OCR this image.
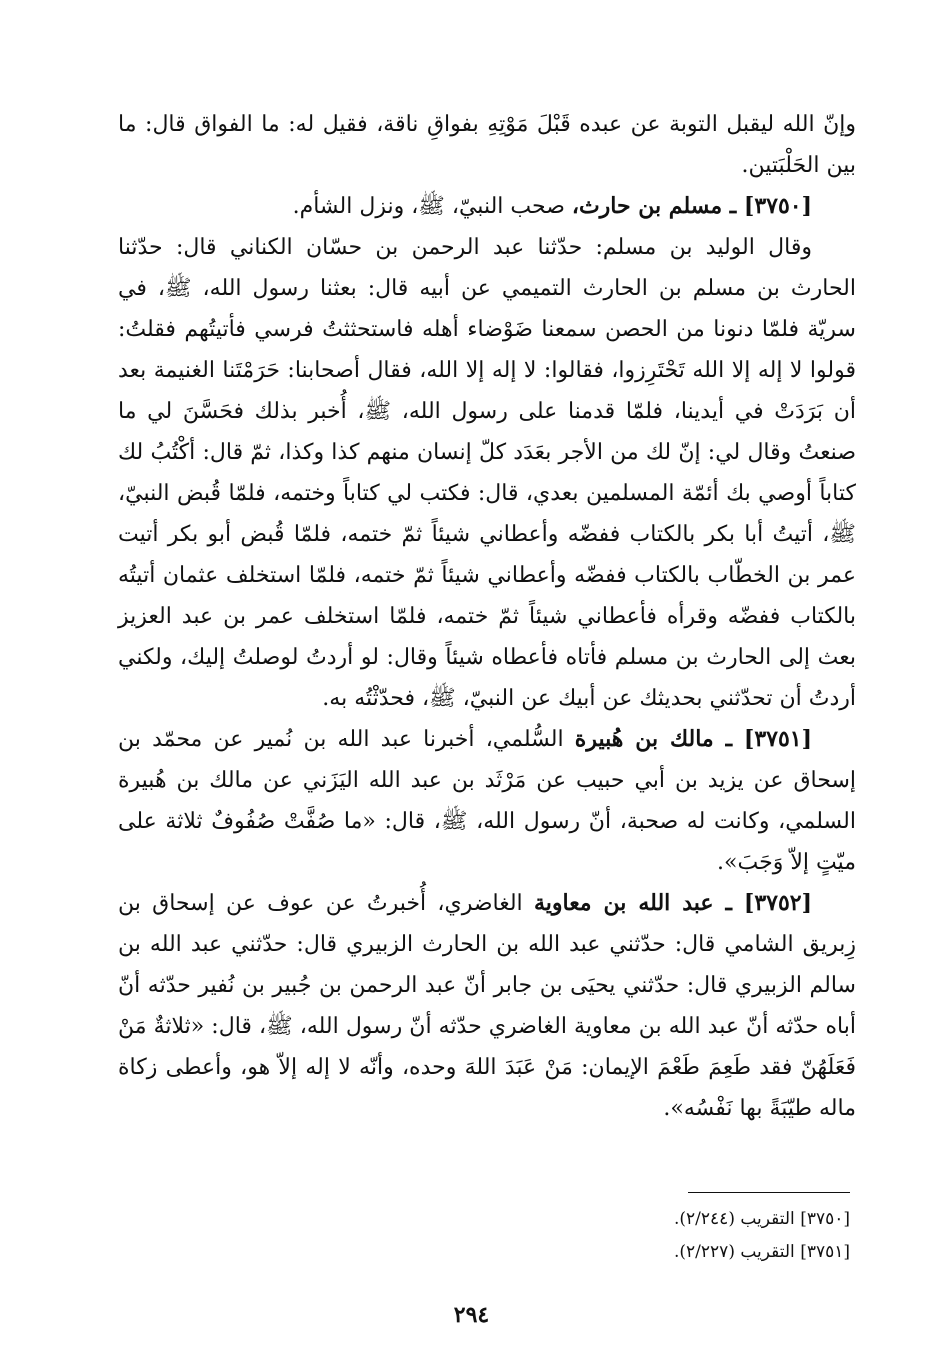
وإنّ الله ليقبل التوبة عن عبده قَبْلَ مَوْتِهِ بفواقِ ناقة، فقيل له: ما الفواق قال: ما بين الحَلْبَتين.

[٣٧٥٠] ـ مسلم بن حارث، صحب النبيّ، ﷺ، ونزل الشأم.

وقال الوليد بن مسلم: حدّثنا عبد الرحمن بن حسّان الكناني قال: حدّثنا الحارث بن مسلم بن الحارث التميمي عن أبيه قال: بعثنا رسول الله، ﷺ، في سريّة فلمّا دنونا من الحصن سمعنا ضَوْضاء أهله فاستحثثتُ فرسي فأتيتُهم فقلتُ: قولوا لا إله إلا الله تَحْتَرِزوا، فقالوا: لا إله إلا الله، فقال أصحابنا: حَرَمْتَنا الغنيمة بعد أن بَرَدَتْ في أيدينا، فلمّا قدمنا على رسول الله، ﷺ، أُخبر بذلك فحَسَّنَ لي ما صنعتُ وقال لي: إنّ لك من الأجر بعَدَد كلّ إنسان منهم كذا وكذا، ثمّ قال: أكْتُبُ لك كتاباً أوصي بك أئمّة المسلمين بعدي، قال: فكتب لي كتاباً وختمه، فلمّا قُبض النبيّ، ﷺ، أتيتُ أبا بكر بالكتاب ففضّه وأعطاني شيئاً ثمّ ختمه، فلمّا قُبض أبو بكر أتيت عمر بن الخطّاب بالكتاب ففضّه وأعطاني شيئاً ثمّ ختمه، فلمّا استخلف عثمان أتيتُه بالكتاب ففضّه وقرأه فأعطاني شيئاً ثمّ ختمه، فلمّا استخلف عمر بن عبد العزيز بعث إلى الحارث بن مسلم فأتاه فأعطاه شيئاً وقال: لو أردتُ لوصلتُ إليك، ولكني أردتُ أن تحدّثني بحديثك عن أبيك عن النبيّ، ﷺ، فحدّثْتُه به.

[٣٧٥١] ـ مالك بن هُبيرة السُّلمي، أخبرنا عبد الله بن نُمير عن محمّد بن إسحاق عن يزيد بن أبي حبيب عن مَرْثَد بن عبد الله اليَزَني عن مالك بن هُبيرة السلمي، وكانت له صحبة، أنّ رسول الله، ﷺ، قال: «ما صُفَّتْ صُفُوفٌ ثلاثة على ميّتٍ إلاّ وَجَبَ».

[٣٧٥٢] ـ عبد الله بن معاوية الغاضري، أُخبرتُ عن عوف عن إسحاق بن زِبريق الشامي قال: حدّثني عبد الله بن الحارث الزبيري قال: حدّثني عبد الله بن سالم الزبيري قال: حدّثني يحيَى بن جابر أنّ عبد الرحمن بن جُبير بن نُفير حدّثه أنّ أباه حدّثه أنّ عبد الله بن معاوية الغاضري حدّثه أنّ رسول الله، ﷺ، قال: «ثلاثةٌ مَنْ فَعَلَهُنّ فقد طَعِمَ طَعْمَ الإيمان: مَنْ عَبَدَ اللهَ وحده، وأنّه لا إله إلاّ هو، وأعطى زكاة ماله طيّبَةً بها نَفْسُه».

[٣٧٥٠] التقريب (٢/٢٤٤).

[٣٧٥١] التقريب (٢/٢٢٧).

٢٩٤
